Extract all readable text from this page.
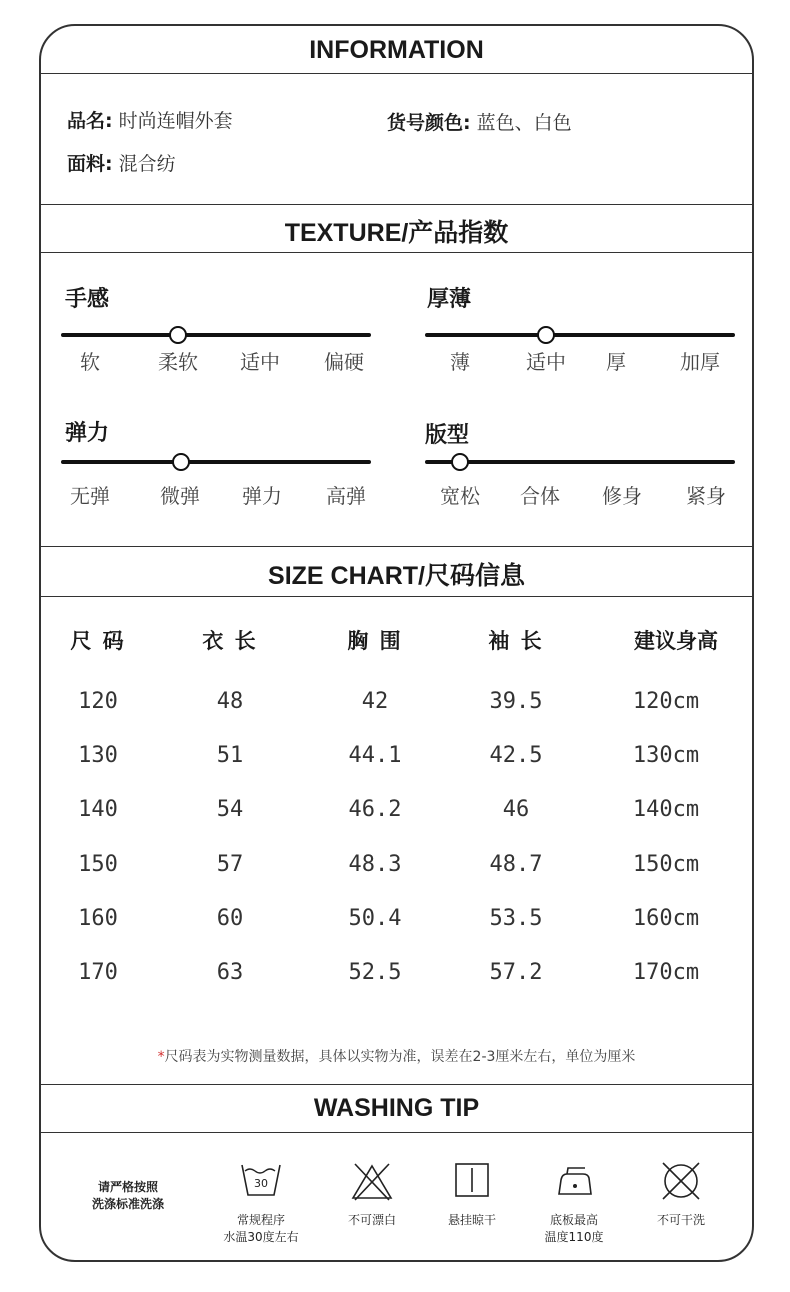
INFORMATION
品名: 时尚连帽外套	货号颜色: 蓝色、白色
面料: 混合纺
TEXTURE/产品指数
手感
软	柔软	适中	偏硬
厚薄
薄	适中	厚	加厚
弹力
无弹	微弹	弹力	高弹
版型
宽松	合体	修身	紧身
SIZE CHART/尺码信息
尺 码	衣 长	胸 围	袖 长	建议身高
120	48	42	39.5	120cm
130	51	44.1	42.5	130cm
140	54	46.2	46	140cm
150	57	48.3	48.7	150cm
160	60	50.4	53.5	160cm
170	63	52.5	57.2	170cm
*尺码表为实物测量数据，具体以实物为准，误差在2-3厘米左右，单位为厘米
WASHING TIP
请严格按照
洗涤标准洗涤
30
常规程序
水温30度左右
不可漂白	悬挂晾干	底板最高
温度110度
不可干洗
